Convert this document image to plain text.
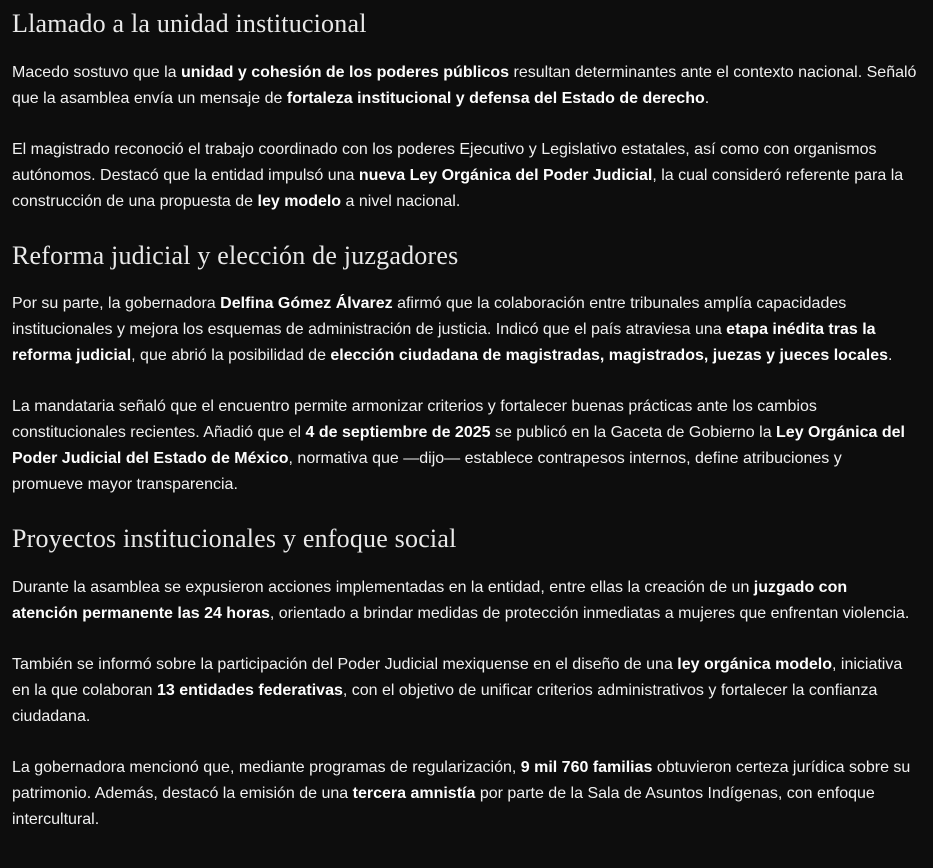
Llamado a la unidad institucional

Macedo sostuvo que la unidad y cohesión de los poderes públicos resultan determinantes ante el contexto nacional. Señaló que la asamblea envía un mensaje de fortaleza institucional y defensa del Estado de derecho.

El magistrado reconoció el trabajo coordinado con los poderes Ejecutivo y Legislativo estatales, así como con organismos autónomos. Destacó que la entidad impulsó una nueva Ley Orgánica del Poder Judicial, la cual consideró referente para la construcción de una propuesta de ley modelo a nivel nacional.

Reforma judicial y elección de juzgadores

Por su parte, la gobernadora Delfina Gómez Álvarez afirmó que la colaboración entre tribunales amplía capacidades institucionales y mejora los esquemas de administración de justicia. Indicó que el país atraviesa una etapa inédita tras la reforma judicial, que abrió la posibilidad de elección ciudadana de magistradas, magistrados, juezas y jueces locales.

La mandataria señaló que el encuentro permite armonizar criterios y fortalecer buenas prácticas ante los cambios constitucionales recientes. Añadió que el 4 de septiembre de 2025 se publicó en la Gaceta de Gobierno la Ley Orgánica del Poder Judicial del Estado de México, normativa que —dijo— establece contrapesos internos, define atribuciones y promueve mayor transparencia.

Proyectos institucionales y enfoque social

Durante la asamblea se expusieron acciones implementadas en la entidad, entre ellas la creación de un juzgado con atención permanente las 24 horas, orientado a brindar medidas de protección inmediatas a mujeres que enfrentan violencia.

También se informó sobre la participación del Poder Judicial mexiquense en el diseño de una ley orgánica modelo, iniciativa en la que colaboran 13 entidades federativas, con el objetivo de unificar criterios administrativos y fortalecer la confianza ciudadana.

La gobernadora mencionó que, mediante programas de regularización, 9 mil 760 familias obtuvieron certeza jurídica sobre su patrimonio. Además, destacó la emisión de una tercera amnistía por parte de la Sala de Asuntos Indígenas, con enfoque intercultural.
